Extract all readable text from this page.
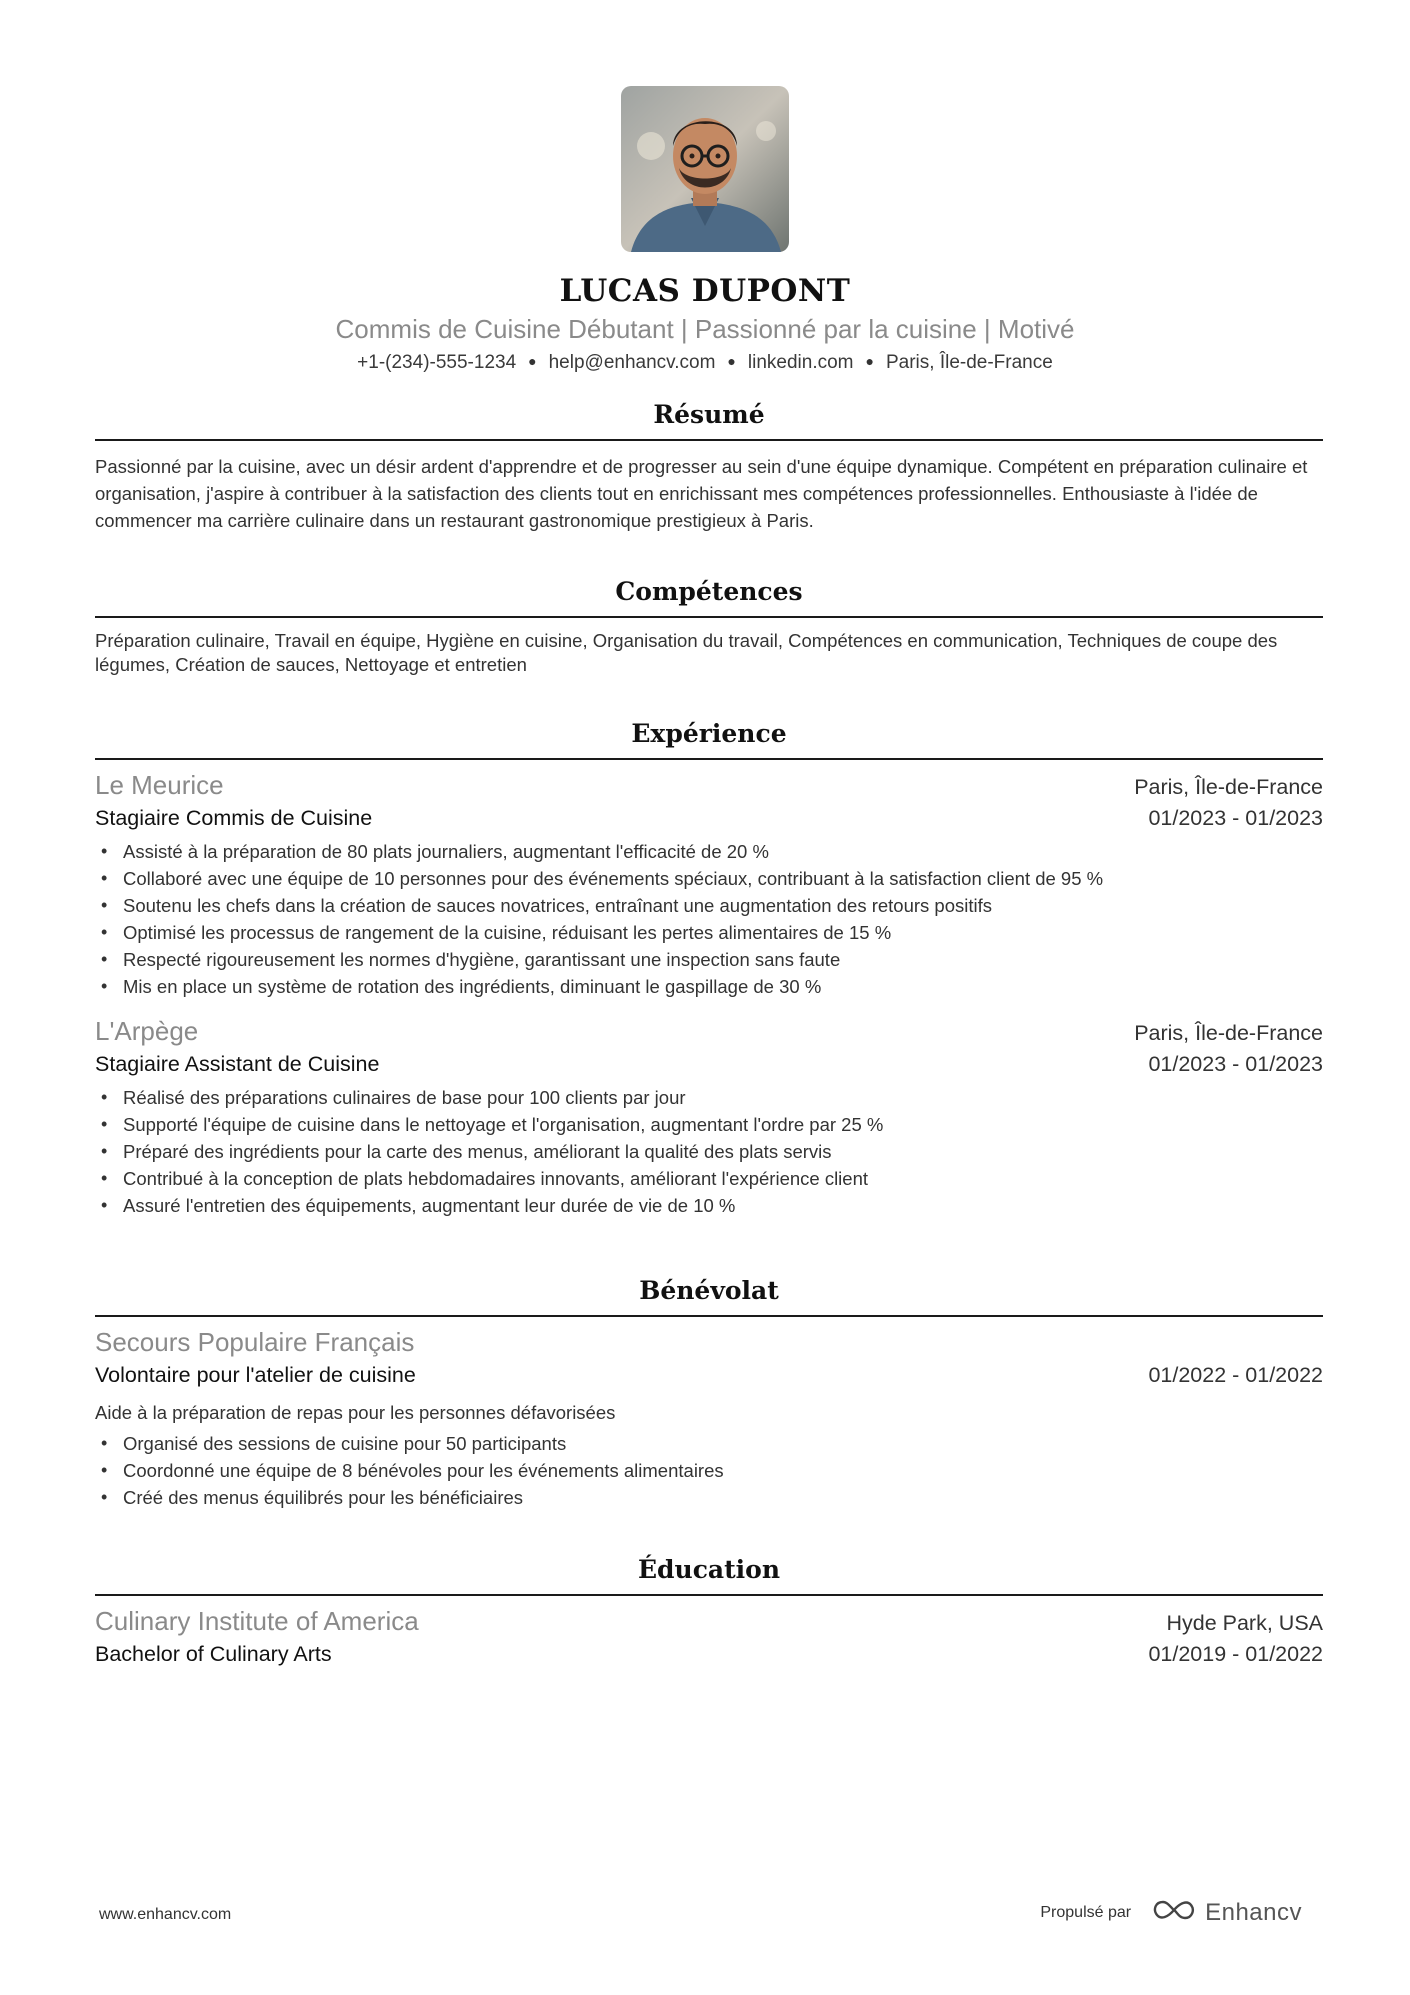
LUCAS DUPONT
Commis de Cuisine Débutant | Passionné par la cuisine | Motivé
+1-(234)-555-1234 ● help@enhancv.com ● linkedin.com ● Paris, Île-de-France
Résumé
Passionné par la cuisine, avec un désir ardent d'apprendre et de progresser au sein d'une équipe dynamique. Compétent en préparation culinaire et organisation, j'aspire à contribuer à la satisfaction des clients tout en enrichissant mes compétences professionnelles. Enthousiaste à l'idée de commencer ma carrière culinaire dans un restaurant gastronomique prestigieux à Paris.
Compétences
Préparation culinaire, Travail en équipe, Hygiène en cuisine, Organisation du travail, Compétences en communication, Techniques de coupe des légumes, Création de sauces, Nettoyage et entretien
Expérience
Le Meurice	Paris, Île-de-France
Stagiaire Commis de Cuisine	01/2023 - 01/2023
• Assisté à la préparation de 80 plats journaliers, augmentant l'efficacité de 20 %
• Collaboré avec une équipe de 10 personnes pour des événements spéciaux, contribuant à la satisfaction client de 95 %
• Soutenu les chefs dans la création de sauces novatrices, entraînant une augmentation des retours positifs
• Optimisé les processus de rangement de la cuisine, réduisant les pertes alimentaires de 15 %
• Respecté rigoureusement les normes d'hygiène, garantissant une inspection sans faute
• Mis en place un système de rotation des ingrédients, diminuant le gaspillage de 30 %
L'Arpège	Paris, Île-de-France
Stagiaire Assistant de Cuisine	01/2023 - 01/2023
• Réalisé des préparations culinaires de base pour 100 clients par jour
• Supporté l'équipe de cuisine dans le nettoyage et l'organisation, augmentant l'ordre par 25 %
• Préparé des ingrédients pour la carte des menus, améliorant la qualité des plats servis
• Contribué à la conception de plats hebdomadaires innovants, améliorant l'expérience client
• Assuré l'entretien des équipements, augmentant leur durée de vie de 10 %
Bénévolat
Secours Populaire Français
Volontaire pour l'atelier de cuisine	01/2022 - 01/2022
Aide à la préparation de repas pour les personnes défavorisées
• Organisé des sessions de cuisine pour 50 participants
• Coordonné une équipe de 8 bénévoles pour les événements alimentaires
• Créé des menus équilibrés pour les bénéficiaires
Éducation
Culinary Institute of America	Hyde Park, USA
Bachelor of Culinary Arts	01/2019 - 01/2022
www.enhancv.com	Propulsé par	Enhancv
